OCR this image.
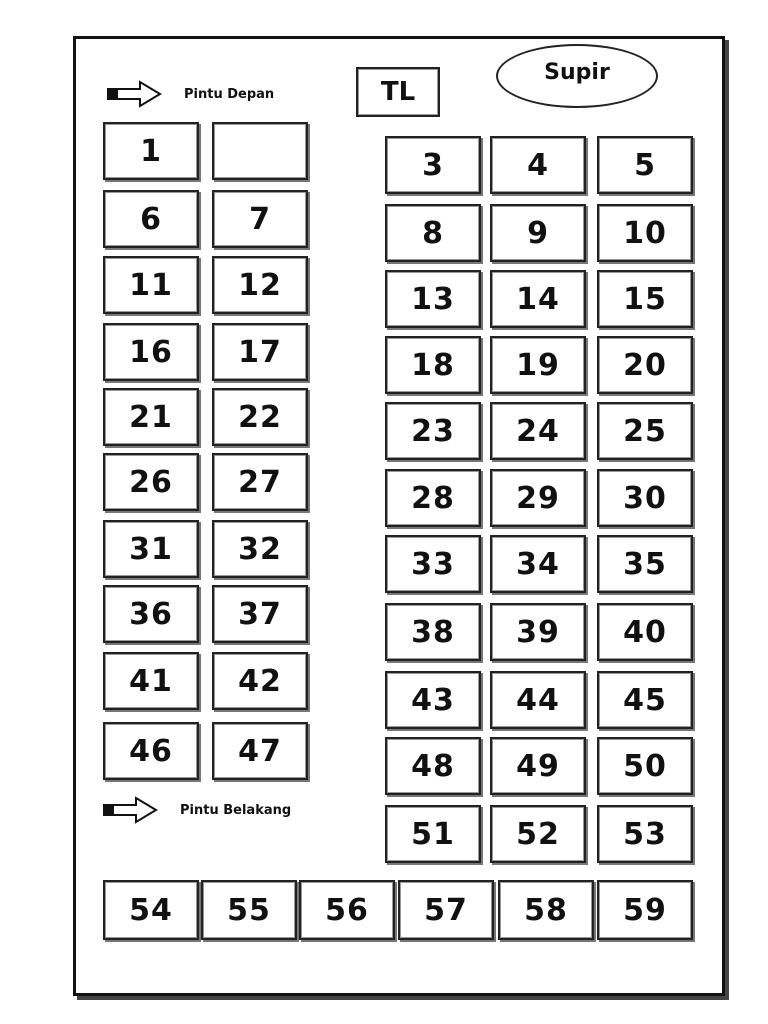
Pintu Depan	TL
Supir
Pintu Belakang
1
6	7
11	12
16	17
21	22
26	27
31	32
36	37
41	42
46	47
3	4	5
8	9	10
13	14	15
18	19	20
23	24	25
28	29	30
33	34	35
38	39	40
43	44	45
48	49	50
51	52	53
54	55	56	57	58	59
